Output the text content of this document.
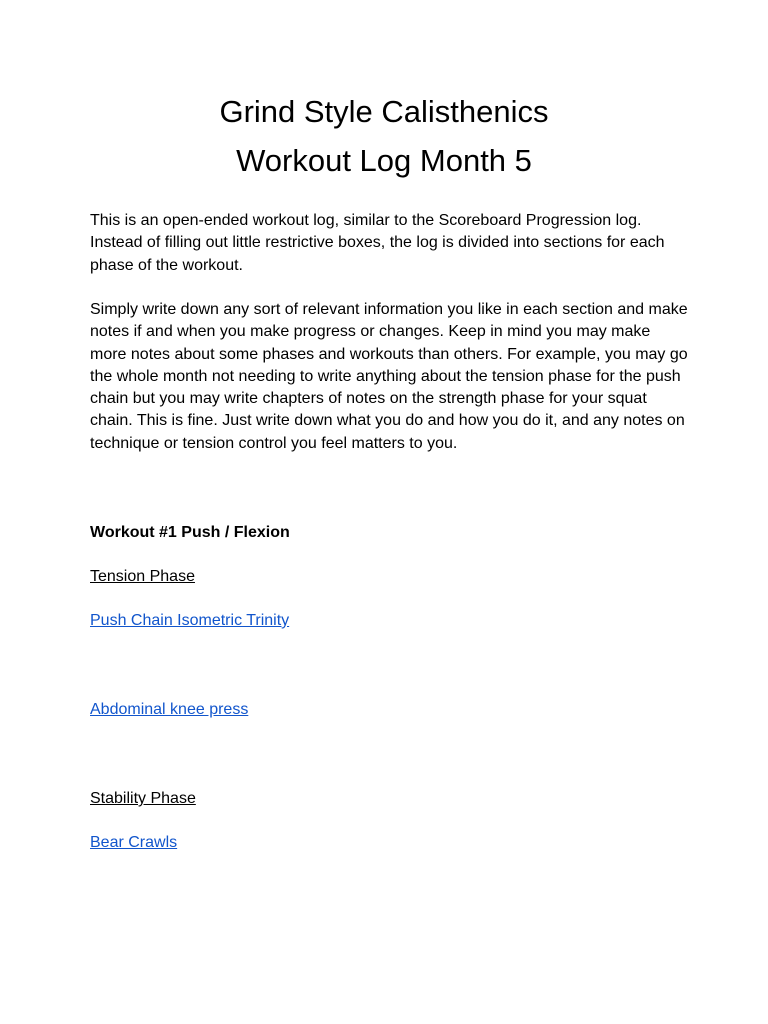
Grind Style Calisthenics
Workout Log Month 5

This is an open-ended workout log, similar to the Scoreboard Progression log. Instead of filling out little restrictive boxes, the log is divided into sections for each phase of the workout.

Simply write down any sort of relevant information you like in each section and make notes if and when you make progress or changes. Keep in mind you may make more notes about some phases and workouts than others. For example, you may go the whole month not needing to write anything about the tension phase for the push chain but you may write chapters of notes on the strength phase for your squat chain. This is fine. Just write down what you do and how you do it, and any notes on technique or tension control you feel matters to you.

Workout #1 Push / Flexion

Tension Phase

Push Chain Isometric Trinity
Abdominal knee press

Stability Phase

Bear Crawls
